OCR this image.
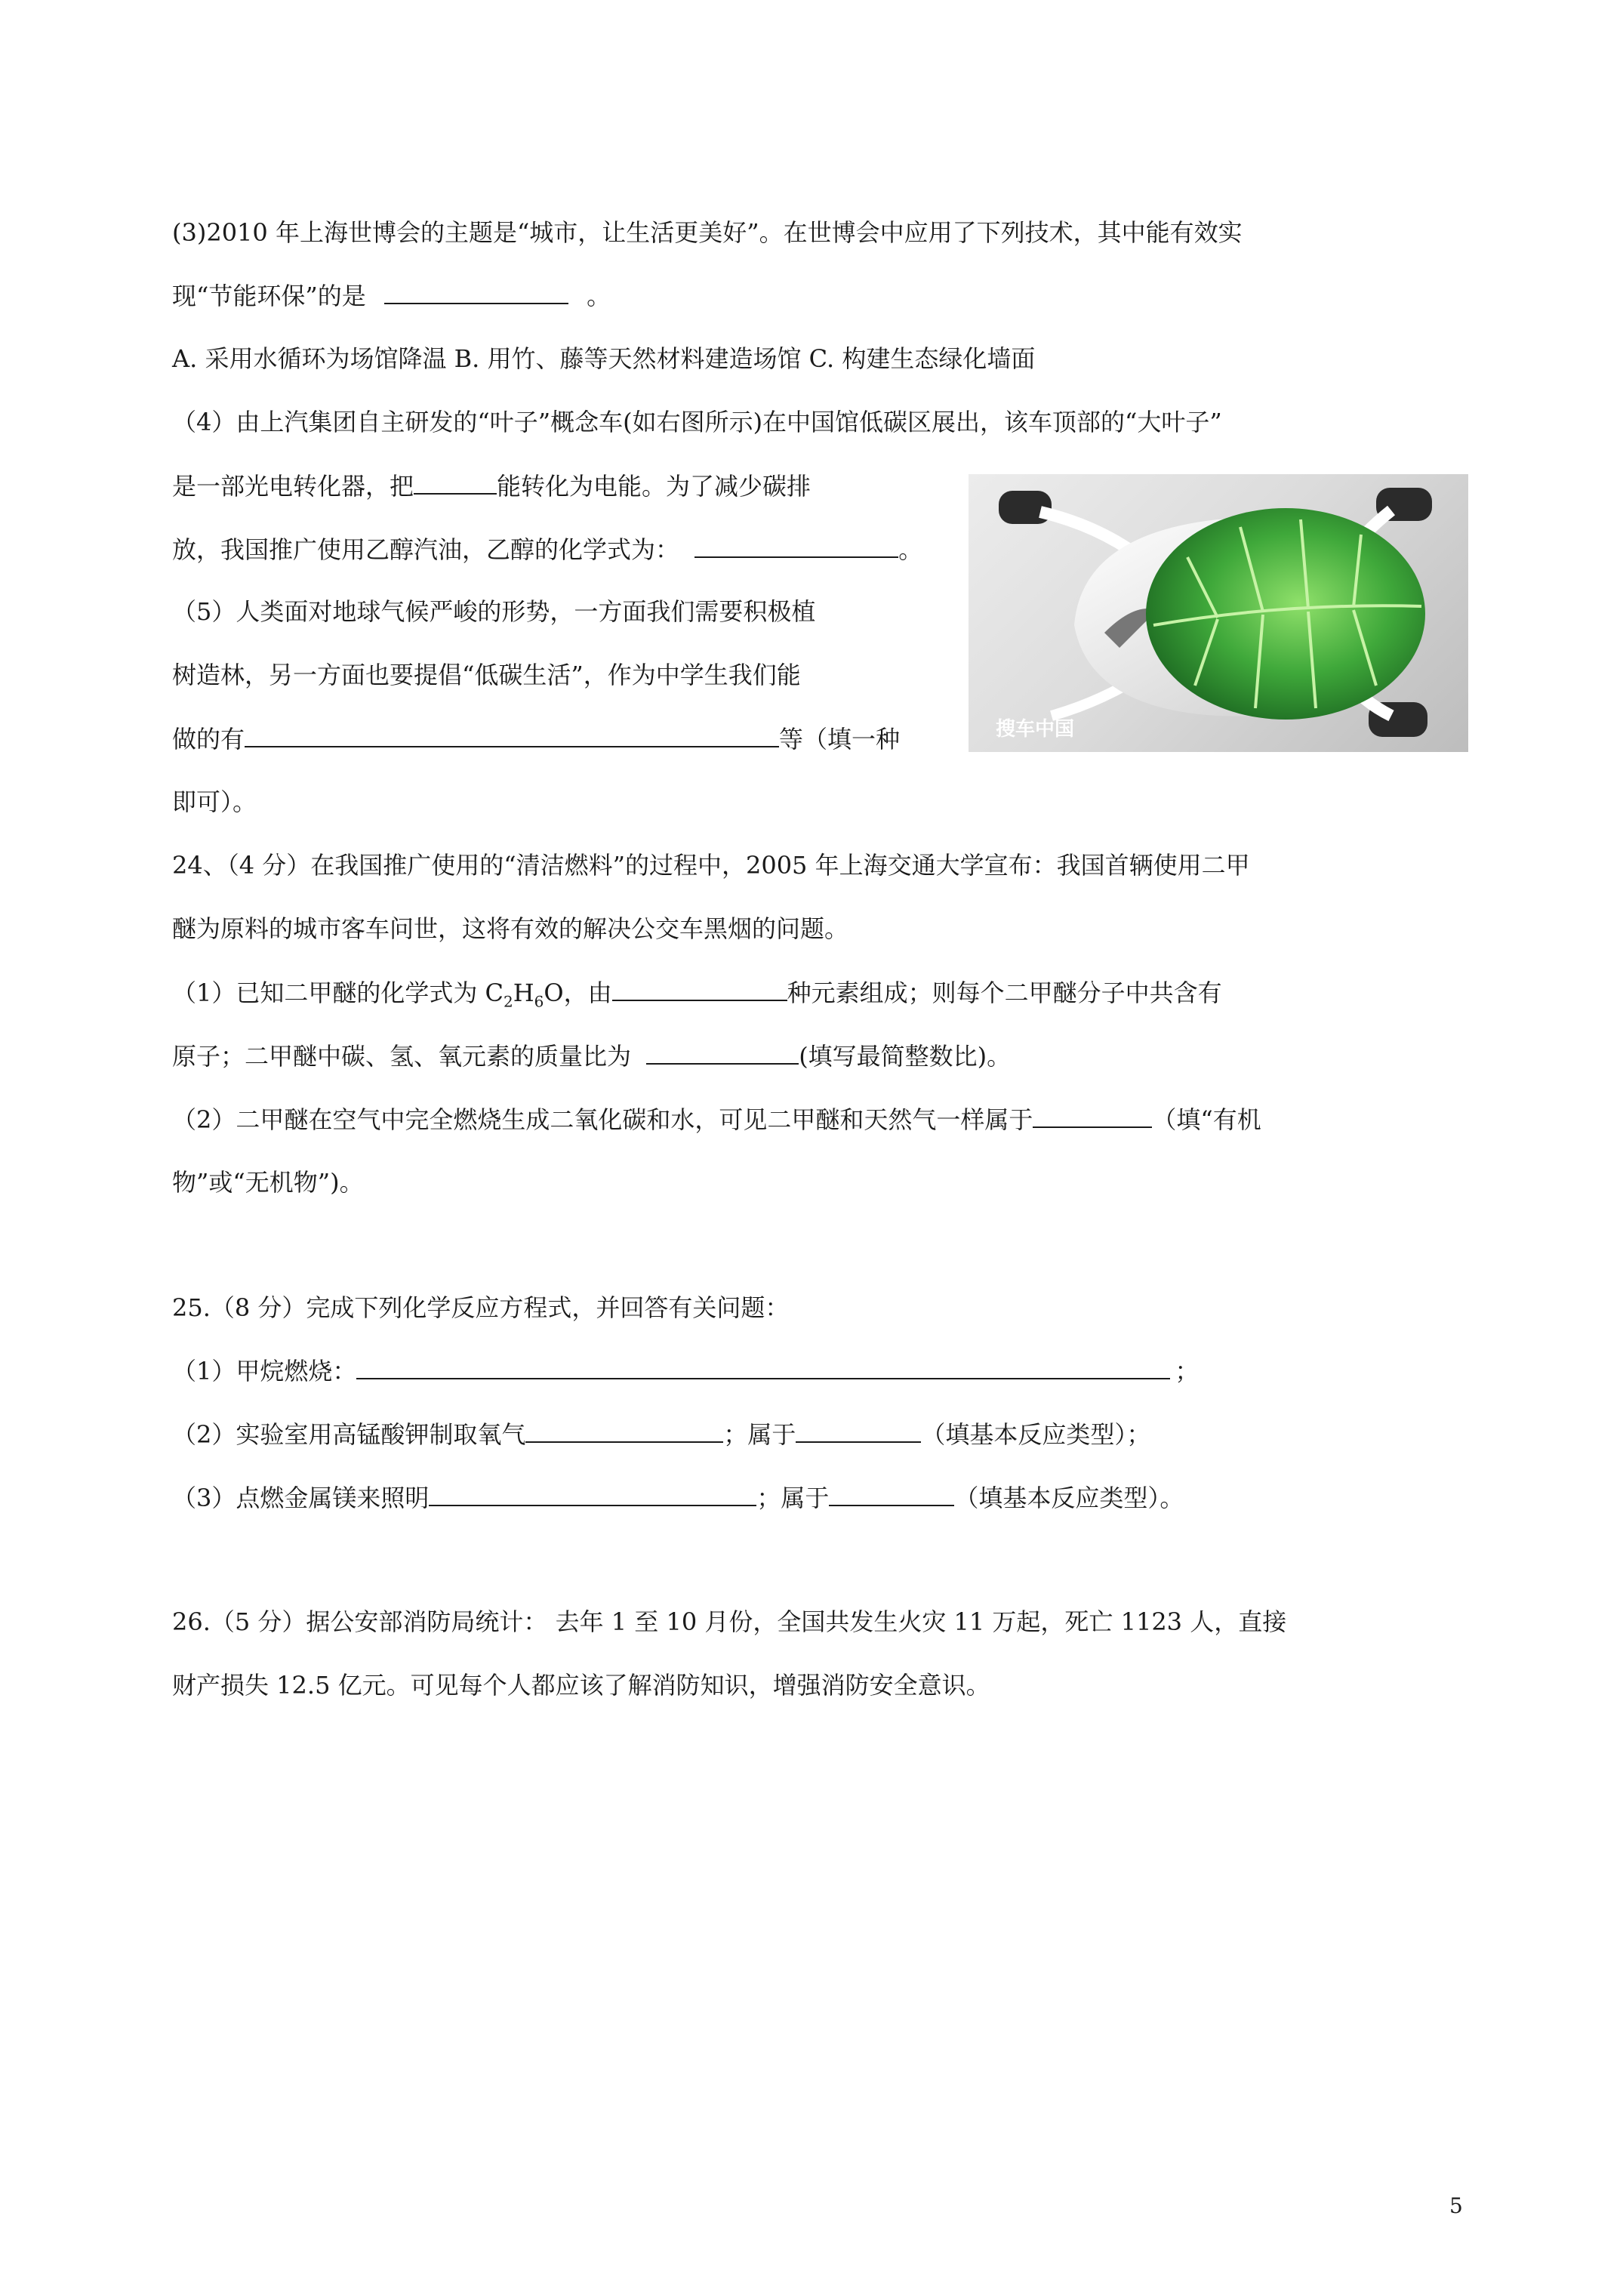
(3)2010 年上海世博会的主题是“城市，让生活更美好”。在世博会中应用了下列技术，其中能有效实
现“节能环保”的是	。
A. 采用水循环为场馆降温 B. 用竹、藤等天然材料建造场馆 C. 构建生态绿化墙面
（4）由上汽集团自主研发的“叶子”概念车(如右图所示)在中国馆低碳区展出，该车顶部的“大叶子”
是一部光电转化器，把	能转化为电能。为了减少碳排
放，我国推广使用乙醇汽油，乙醇的化学式为：	。
（5）人类面对地球气候严峻的形势，一方面我们需要积极植
树造林，另一方面也要提倡“低碳生活”，作为中学生我们能
做的有	等（填一种
即可）。
搜车中国
24、（4 分）在我国推广使用的“清洁燃料”的过程中，2005 年上海交通大学宣布：我国首辆使用二甲
醚为原料的城市客车问世，这将有效的解决公交车黑烟的问题。
（1）已知二甲醚的化学式为 $C_2H_6O$，由	种元素组成；则每个二甲醚分子中共含有
原子；二甲醚中碳、氢、氧元素的质量比为	(填写最简整数比)。
（2）二甲醚在空气中完全燃烧生成二氧化碳和水，可见二甲醚和天然气一样属于	（填“有机
物”或“无机物”)。
25.（8 分）完成下列化学反应方程式，并回答有关问题：
（1）甲烷燃烧：	；
（2）实验室用高锰酸钾制取氧气	；属于	（填基本反应类型）；
（3）点燃金属镁来照明	；属于	（填基本反应类型）。
26.（5 分）据公安部消防局统计： 去年 1 至 10 月份，全国共发生火灾 11 万起，死亡 1123 人，直接
财产损失 12.5 亿元。可见每个人都应该了解消防知识，增强消防安全意识。
5
